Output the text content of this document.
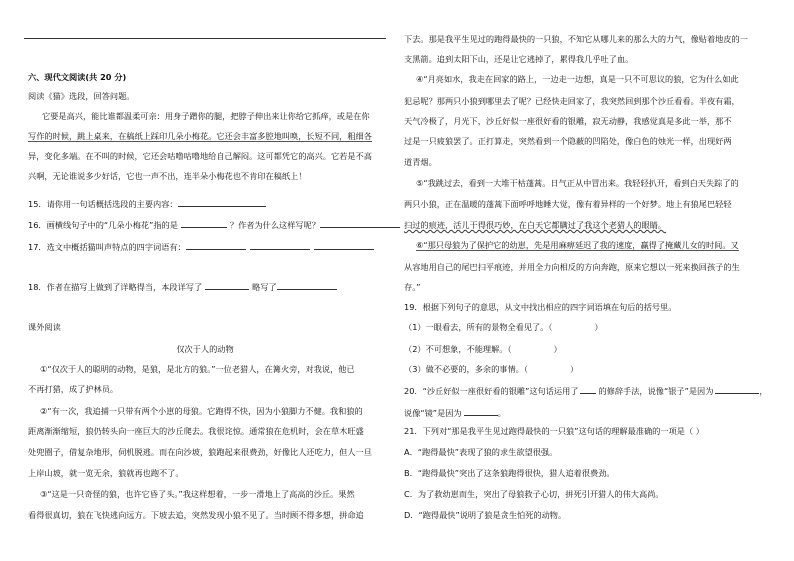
六、现代文阅读(共 20 分)
阅读《猫》选段，回答问题。
它要是高兴，能比谁都温柔可亲：用身子蹭你的腿，把脖子伸出来让你给它抓痒，或是在你
写作的时候，跳上桌来，在稿纸上踩印几朵小梅花。它还会丰富多腔地叫唤，长短不同，粗细各
异，变化多端。在不叫的时候，它还会咕噜咕噜地给自己解闷。这可都凭它的高兴。它若是不高
兴啊，无论谁说多少好话，它也一声不出，连半朵小梅花也不肯印在稿纸上！
15．请你用一句话概括选段的主要内容：
16．画横线句子中的“几朵小梅花”指的是	？作者为什么这样写呢？
17．选文中概括猫叫声特点的四字词语有：
18．作者在描写上做到了详略得当，本段详写了	略写了
课外阅读
仅次于人的动物
①“仅次于人的聪明的动物，是狼，是北方的狼。”一位老猎人，在篝火旁，对我说，他已
不再打猎，成了护林员。
②“有一次，我追捕一只带有两个小崽的母狼。它跑得不快，因为小狼脚力不健。我和狼的
距离渐渐缩短，狼仍转头向一座巨大的沙丘爬去。我很诧惊。通常狼在危机时，会在草木旺盛
处兜圈子，借复杂地形，伺机脱逃。而在向沙坡，狼跑起来很费劲，好像比人还吃力，但人一旦
上岸山坡，就一览无余，狼就再也跑不了。
③“这是一只奇怪的狼，也许它昏了头。”我这样想着，一步一滑地上了高高的沙丘。果然
看得很真切，狼在飞快逃向远方。下坡去追，突然发现小狼不见了。当时顾不得多想，拼命追
下去。那是我平生见过的跑得最快的一只狼，不知它从哪儿来的那么大的力气，像贴着地皮的一
支黑箭。追到太阳下山，还是让它逃掉了，累得我几乎吐了血。
④“月亮如水，我走在回家的路上，一边走一边想，真是一只不可思议的狼，它为什么如此
犯忌呢？那两只小狼到哪里去了呢？已经快走回家了，我突然回到那个沙丘看看。半夜有霜，
天气冷极了，月光下，沙丘好似一座很好看的银雕，寂无动静，我感觉真是多此一举，那不
过是一只疲狼罢了。正打算走，突然看到一个隐蔽的凹陷处，像白色的烛光一样，出现好两
道青烟。
⑤“我跳过去，看到一大堆干枯蓬蒿。日气正从中冒出来。我轻轻扒开，看到白天失踪了的
两只小狼，正在温暖的蓬蒿下面呼呼地睡大觉，像有着异样的一个好梦。地上有狼尾巴轻轻
扫过的痕迹，活儿干得很巧妙，在白天它都瞒过了我这个老猎人的眼睛。
⑥“那只母狼为了保护它的幼崽，先是用麻痹延迟了我的速度，赢得了掩藏儿女的时间。又
从容地用自己的尾巴扫平痕迹，并用全力向相反的方向奔跑，原来它想以一死来换回孩子的生
存。”
19．根据下列句子的意思，从文中找出相应的四字词语填在句后的括号里。
（1）一眼看去，所有的景物全看见了。（	）
（2）不可想象，不能理解。（	）
（3）做不必要的，多余的事情。（	）
20．“沙丘好似一座很好看的银雕”这句话运用了 的修辞手法，说像“银子”是因为	，
说像“镜”是因为	。
21．下列对“那是我平生见过跑得最快的一只狼”这句话的理解最准确的一项是（ ）
A．“跑得最快”表现了狼的求生欲望很强。
B．“跑得最快”突出了这条狼跑得很快，猎人追着很费劲。
C．为了救幼崽而生，突出了母狼救子心切，拼死引开猎人的伟大高尚。
D．“跑得最快”说明了狼是贪生怕死的动物。
